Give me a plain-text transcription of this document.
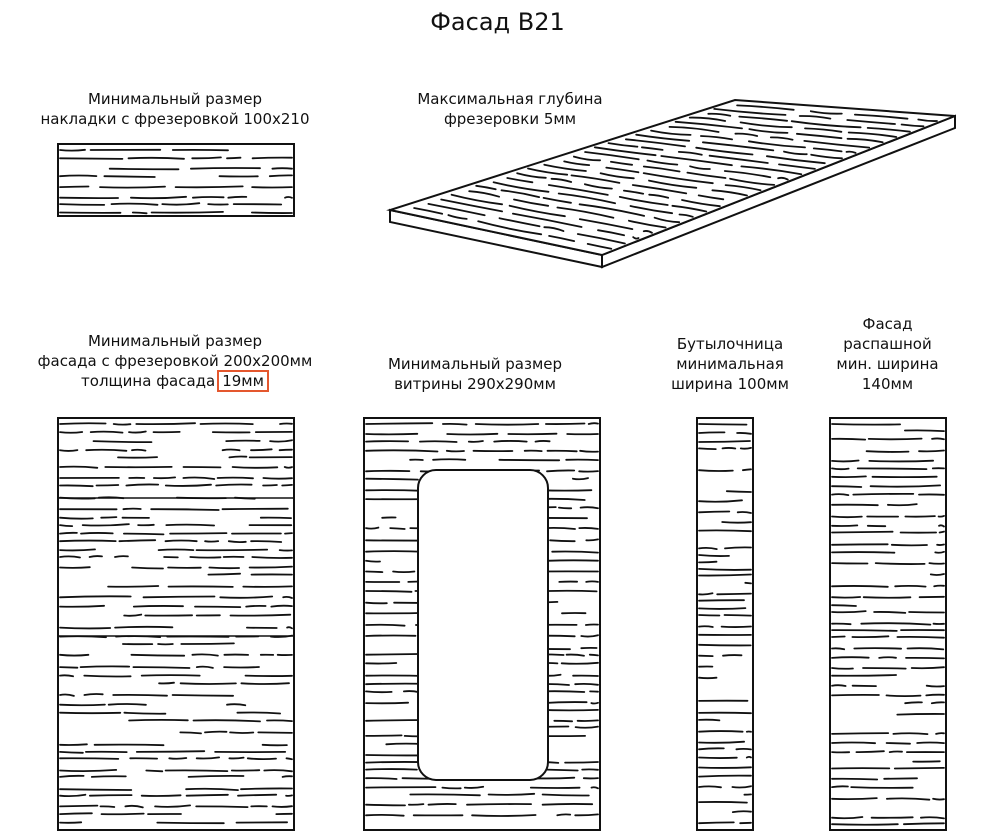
Фасад В21
Минимальный размер
накладки с фрезеровкой 100х210
Максимальная глубина
фрезеровки 5мм
Минимальный размер
фасада с фрезеровкой 200х200мм
толщина фасада 19мм
Минимальный размер
витрины 290х290мм
Бутылочница
минимальная
ширина 100мм
Фасад
распашной
мин. ширина
140мм
